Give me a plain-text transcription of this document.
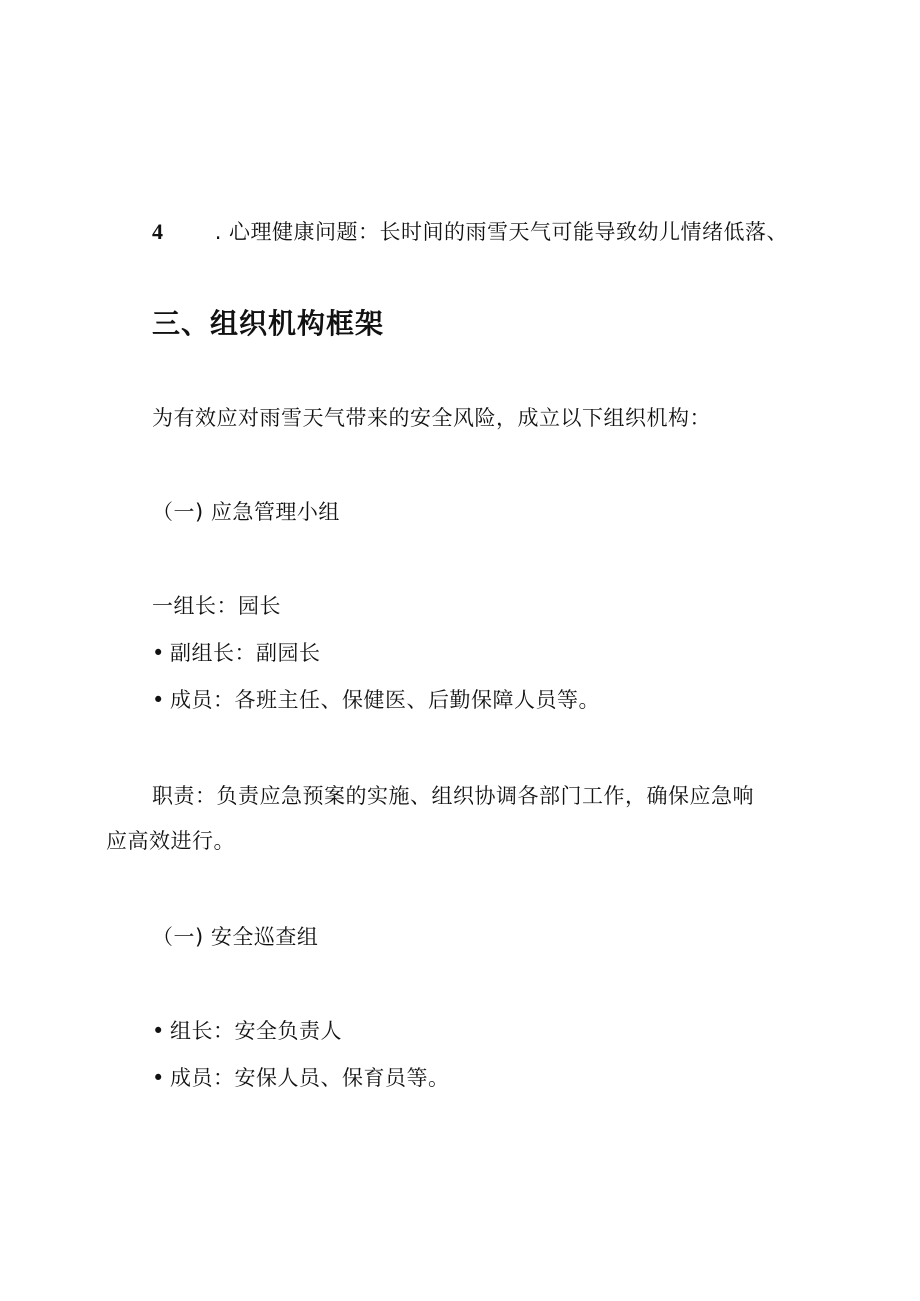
4 . 心理健康问题：长时间的雨雪天气可能导致幼儿情绪低落、
三、组织机构框架
为有效应对雨雪天气带来的安全风险，成立以下组织机构：
（一) 应急管理小组
一组长：园长
• 副组长：副园长
• 成员：各班主任、保健医、后勤保障人员等。
职责：负责应急预案的实施、组织协调各部门工作，确保应急响
应高效进行。
（一) 安全巡查组
• 组长：安全负责人
• 成员：安保人员、保育员等。
